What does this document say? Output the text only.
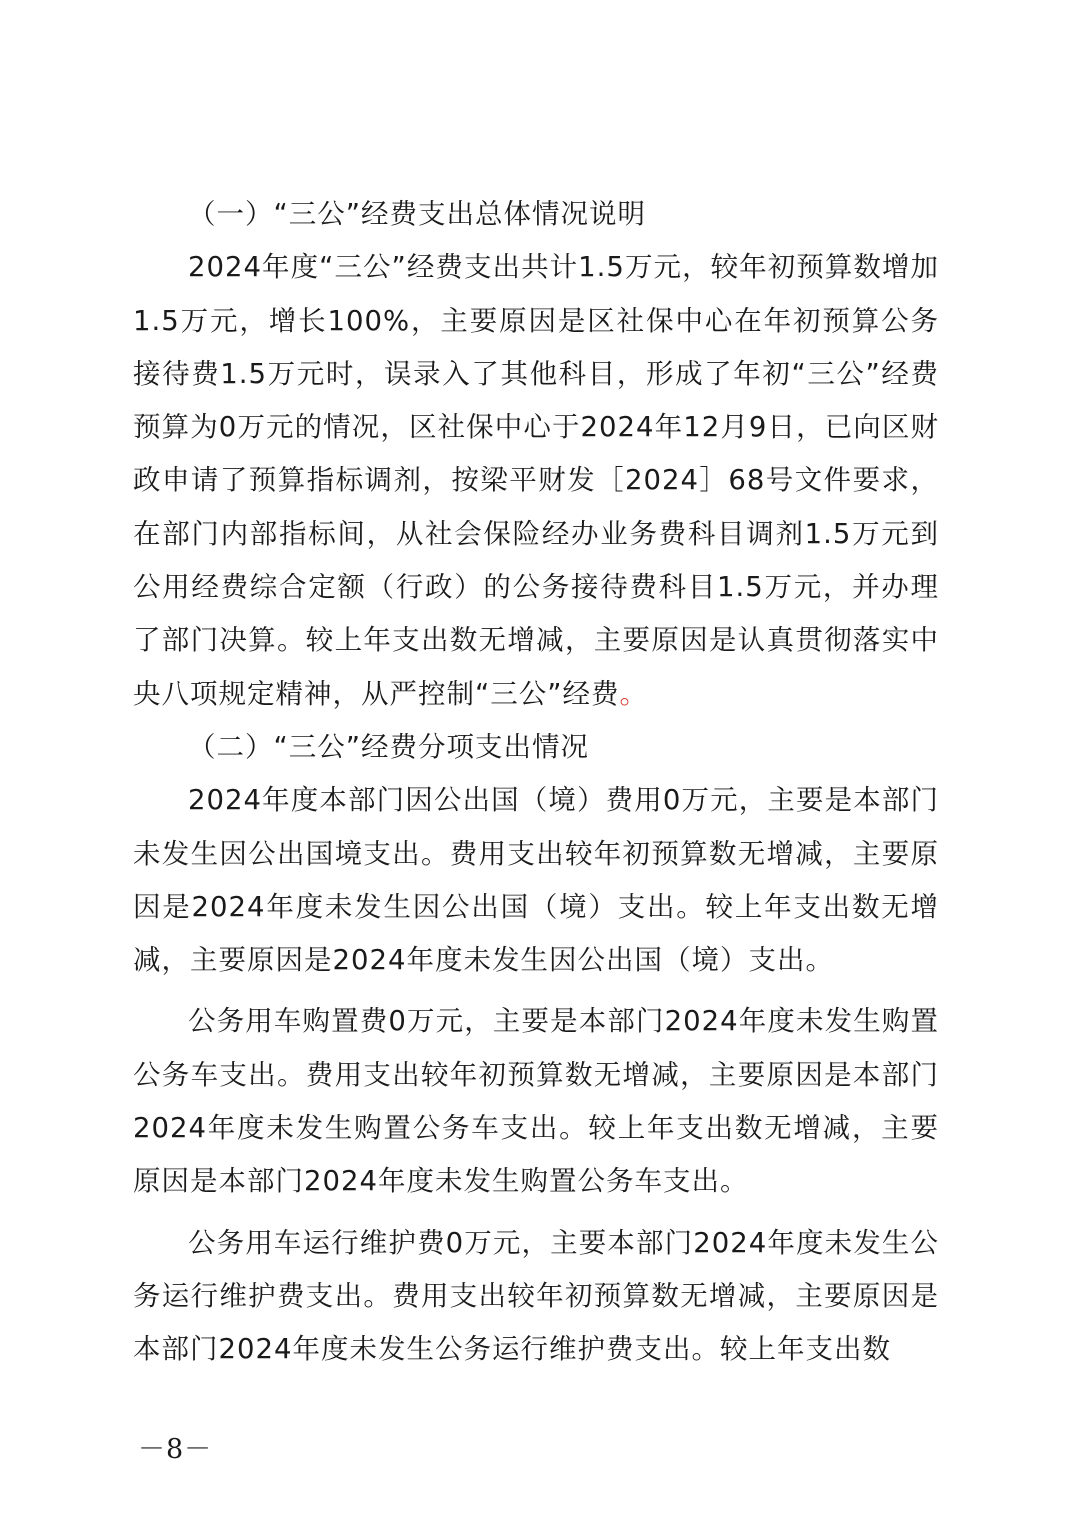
（一）“三公”经费支出总体情况说明

2024年度“三公”经费支出共计1.5万元，较年初预算数增加1.5万元，增长100%，主要原因是区社保中心在年初预算公务接待费1.5万元时，误录入了其他科目，形成了年初“三公”经费预算为0万元的情况，区社保中心于2024年12月9日，已向区财政申请了预算指标调剂，按梁平财发［2024］68号文件要求，在部门内部指标间，从社会保险经办业务费科目调剂1.5万元到公用经费综合定额（行政）的公务接待费科目1.5万元，并办理了部门决算。较上年支出数无增减，主要原因是认真贯彻落实中央八项规定精神，从严控制“三公”经费。

（二）“三公”经费分项支出情况

2024年度本部门因公出国（境）费用0万元，主要是本部门未发生因公出国境支出。费用支出较年初预算数无增减，主要原因是2024年度未发生因公出国（境）支出。较上年支出数无增减，主要原因是2024年度未发生因公出国（境）支出。

公务用车购置费0万元，主要是本部门2024年度未发生购置公务车支出。费用支出较年初预算数无增减，主要原因是本部门2024年度未发生购置公务车支出。较上年支出数无增减，主要原因是本部门2024年度未发生购置公务车支出。

公务用车运行维护费0万元，主要本部门2024年度未发生公务运行维护费支出。费用支出较年初预算数无增减，主要原因是本部门2024年度未发生公务运行维护费支出。较上年支出数

－8－
